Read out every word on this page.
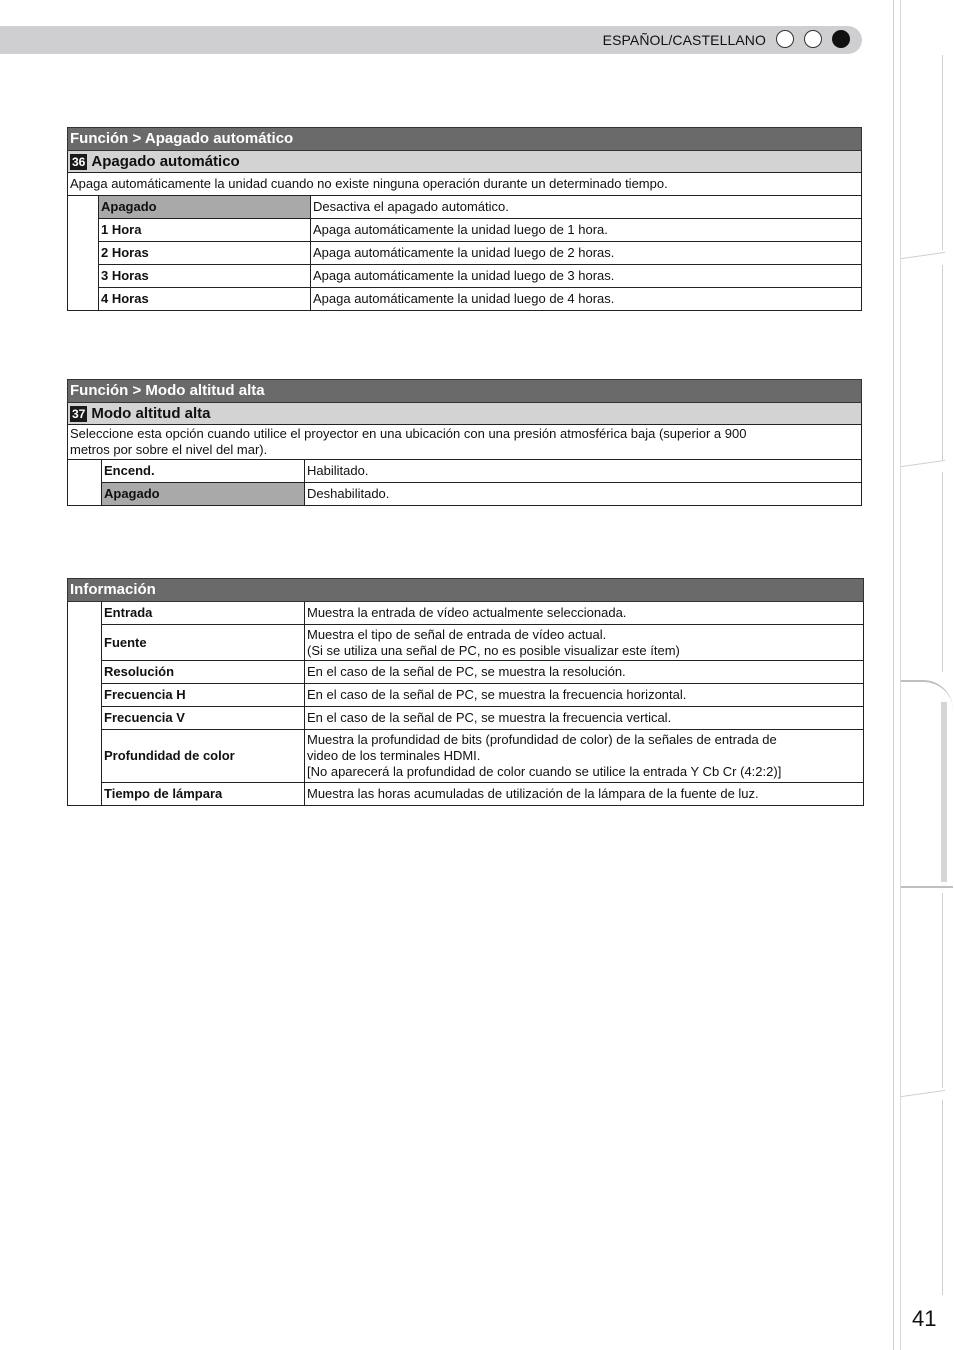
ESPAÑOL/CASTELLANO
41
Función > Apagado automático		
36 Apagado automático		
Apaga automáticamente la unidad cuando no existe ninguna operación durante un determinado tiempo.		
	Apagado	Desactiva el apagado automático.
	1 Hora	Apaga automáticamente la unidad luego de 1 hora.
	2 Horas	Apaga automáticamente la unidad luego de 2 horas.
	3 Horas	Apaga automáticamente la unidad luego de 3 horas.
	4 Horas	Apaga automáticamente la unidad luego de 4 horas.
Función > Modo altitud alta		
37 Modo altitud alta		

Seleccione esta opción cuando utilice el proyector en una ubicación con una presión atmosférica baja (superior a 900
metros por sobre el nivel del mar).		

	Encend.	Habilitado.
	Apagado	Deshabilitado.
Información		
	Entrada	Muestra la entrada de vídeo actualmente seleccionada.

	Fuente	Muestra el tipo de señal de entrada de vídeo actual.
(Si se utiliza una señal de PC, no es posible visualizar este ítem)

	Resolución	En el caso de la señal de PC, se muestra la resolución.

	Frecuencia H	En el caso de la señal de PC, se muestra la frecuencia horizontal.

	Frecuencia V	En el caso de la señal de PC, se muestra la frecuencia vertical.

	Profundidad de color	Muestra la profundidad de bits (profundidad de color) de la señales de entrada de
video de los terminales HDMI.
[No aparecerá la profundidad de color cuando se utilice la entrada Y Cb Cr (4:2:2)]

	Tiempo de lámpara	Muestra las horas acumuladas de utilización de la lámpara de la fuente de luz.
